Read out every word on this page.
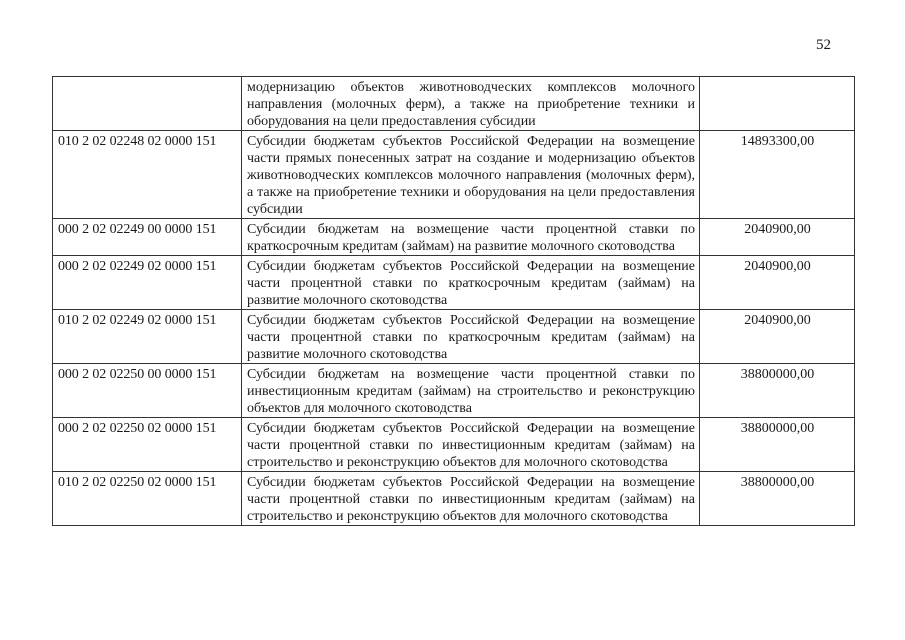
52
	модернизацию объектов животноводческих комплексов молочного направления (молочных ферм), а также на приобретение техники и оборудования на цели предоставления субсидии	
010 2 02 02248 02 0000 151	Субсидии бюджетам субъектов Российской Федерации на возмещение части прямых понесенных затрат на создание и модернизацию объектов животноводческих комплексов молочного направления (молочных ферм), а также на приобретение техники и оборудования на цели предоставления субсидии	14893300,00
000 2 02 02249 00 0000 151	Субсидии бюджетам на возмещение части процентной ставки по краткосрочным кредитам (займам) на развитие молочного скотоводства	2040900,00
000 2 02 02249 02 0000 151	Субсидии бюджетам субъектов Российской Федерации на возмещение части процентной ставки по краткосрочным кредитам (займам) на развитие молочного скотоводства	2040900,00
010 2 02 02249 02 0000 151	Субсидии бюджетам субъектов Российской Федерации на возмещение части процентной ставки по краткосрочным кредитам (займам) на развитие молочного скотоводства	2040900,00
000 2 02 02250 00 0000 151	Субсидии бюджетам на возмещение части процентной ставки по инвестиционным кредитам (займам) на строительство и реконструкцию объектов для молочного скотоводства	38800000,00
000 2 02 02250 02 0000 151	Субсидии бюджетам субъектов Российской Федерации на возмещение части процентной ставки по инвестиционным кредитам (займам) на строительство и реконструкцию объектов для молочного скотоводства	38800000,00
010 2 02 02250 02 0000 151	Субсидии бюджетам субъектов Российской Федерации на возмещение части процентной ставки по инвестиционным кредитам (займам) на строительство и реконструкцию объектов для молочного скотоводства	38800000,00
